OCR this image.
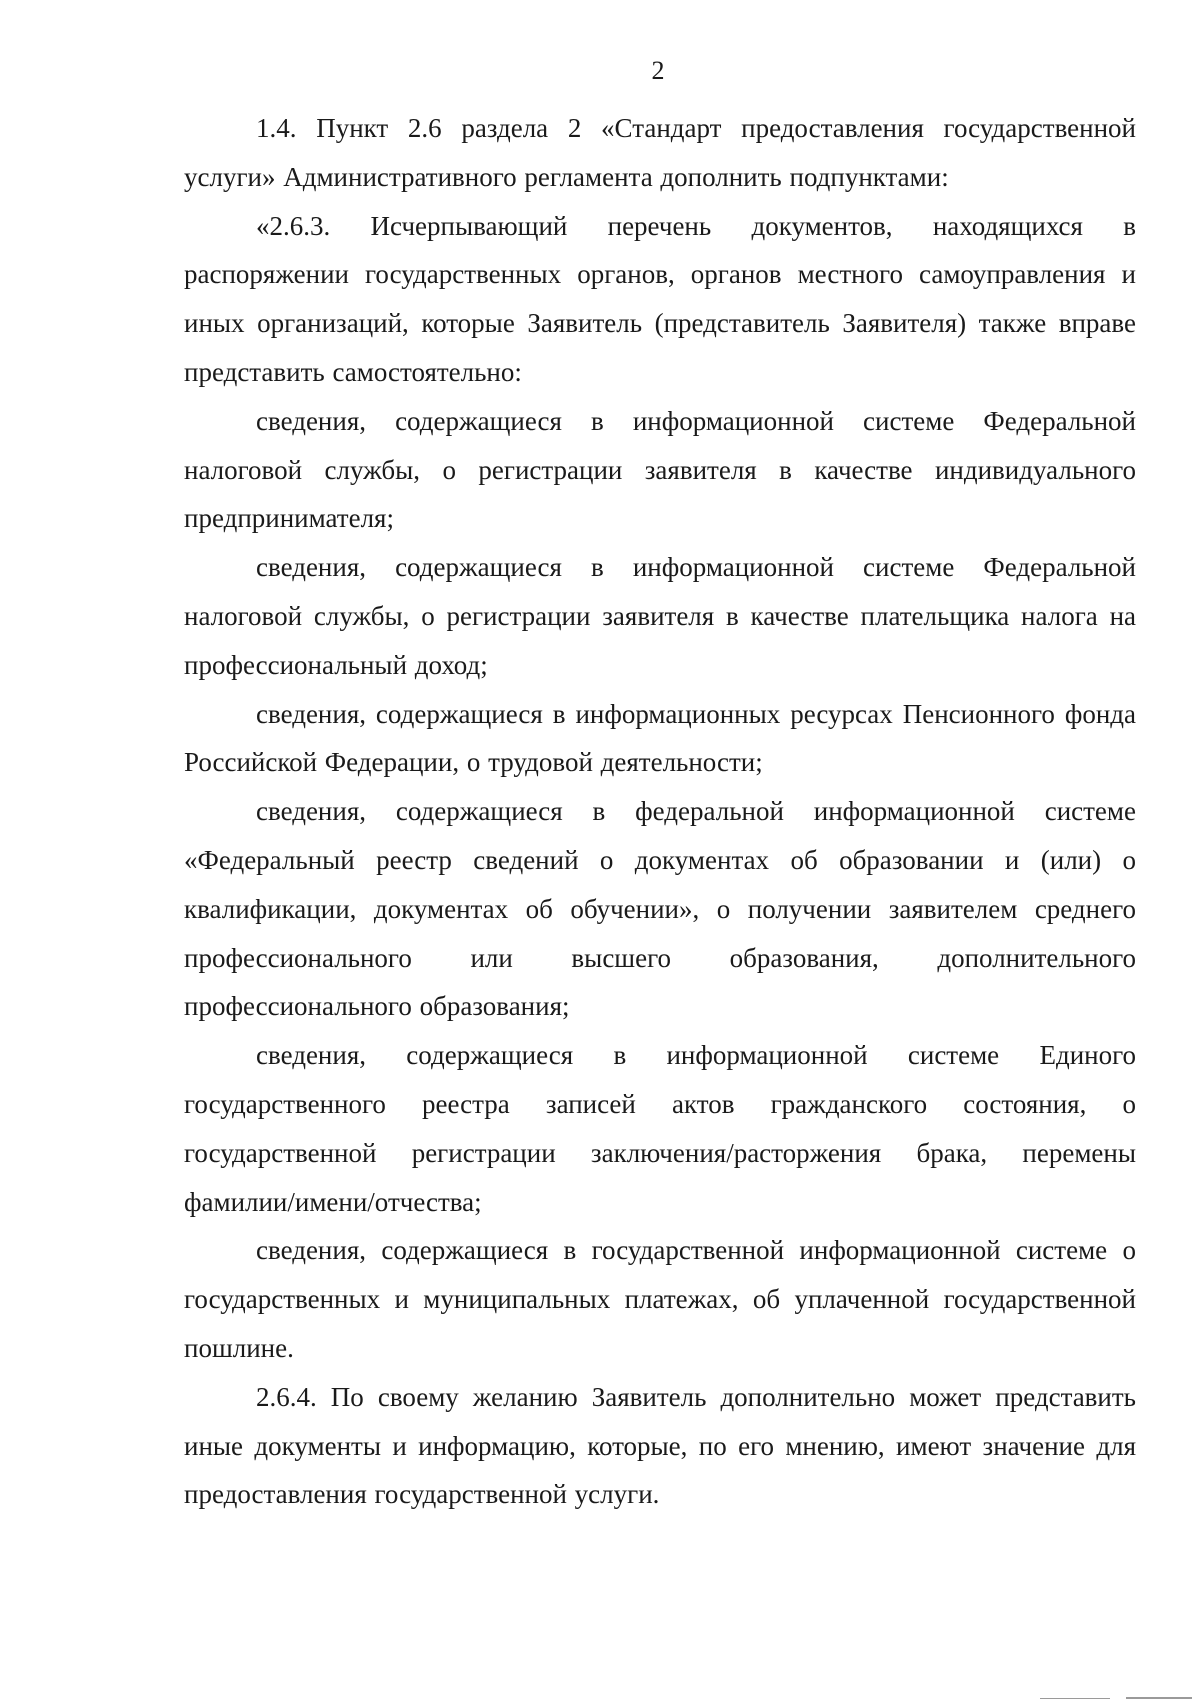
2

1.4. Пункт 2.6 раздела 2 «Стандарт предоставления государственной услуги» Административного регламента дополнить подпунктами:

«2.6.3. Исчерпывающий перечень документов, находящихся в распоряжении государственных органов, органов местного самоуправления и иных организаций, которые Заявитель (представитель Заявителя) также вправе представить самостоятельно:

сведения, содержащиеся в информационной системе Федеральной налоговой службы, о регистрации заявителя в качестве индивидуального предпринимателя;

сведения, содержащиеся в информационной системе Федеральной налоговой службы, о регистрации заявителя в качестве плательщика налога на профессиональный доход;

сведения, содержащиеся в информационных ресурсах Пенсионного фонда Российской Федерации, о трудовой деятельности;

сведения, содержащиеся в федеральной информационной системе «Федеральный реестр сведений о документах об образовании и (или) о квалификации, документах об обучении», о получении заявителем среднего профессионального или высшего образования, дополнительного профессионального образования;

сведения, содержащиеся в информационной системе Единого государственного реестра записей актов гражданского состояния, о государственной регистрации заключения/расторжения брака, перемены фамилии/имени/отчества;

сведения, содержащиеся в государственной информационной системе о государственных и муниципальных платежах, об уплаченной государственной пошлине.

2.6.4. По своему желанию Заявитель дополнительно может представить иные документы и информацию, которые, по его мнению, имеют значение для предоставления государственной услуги.
